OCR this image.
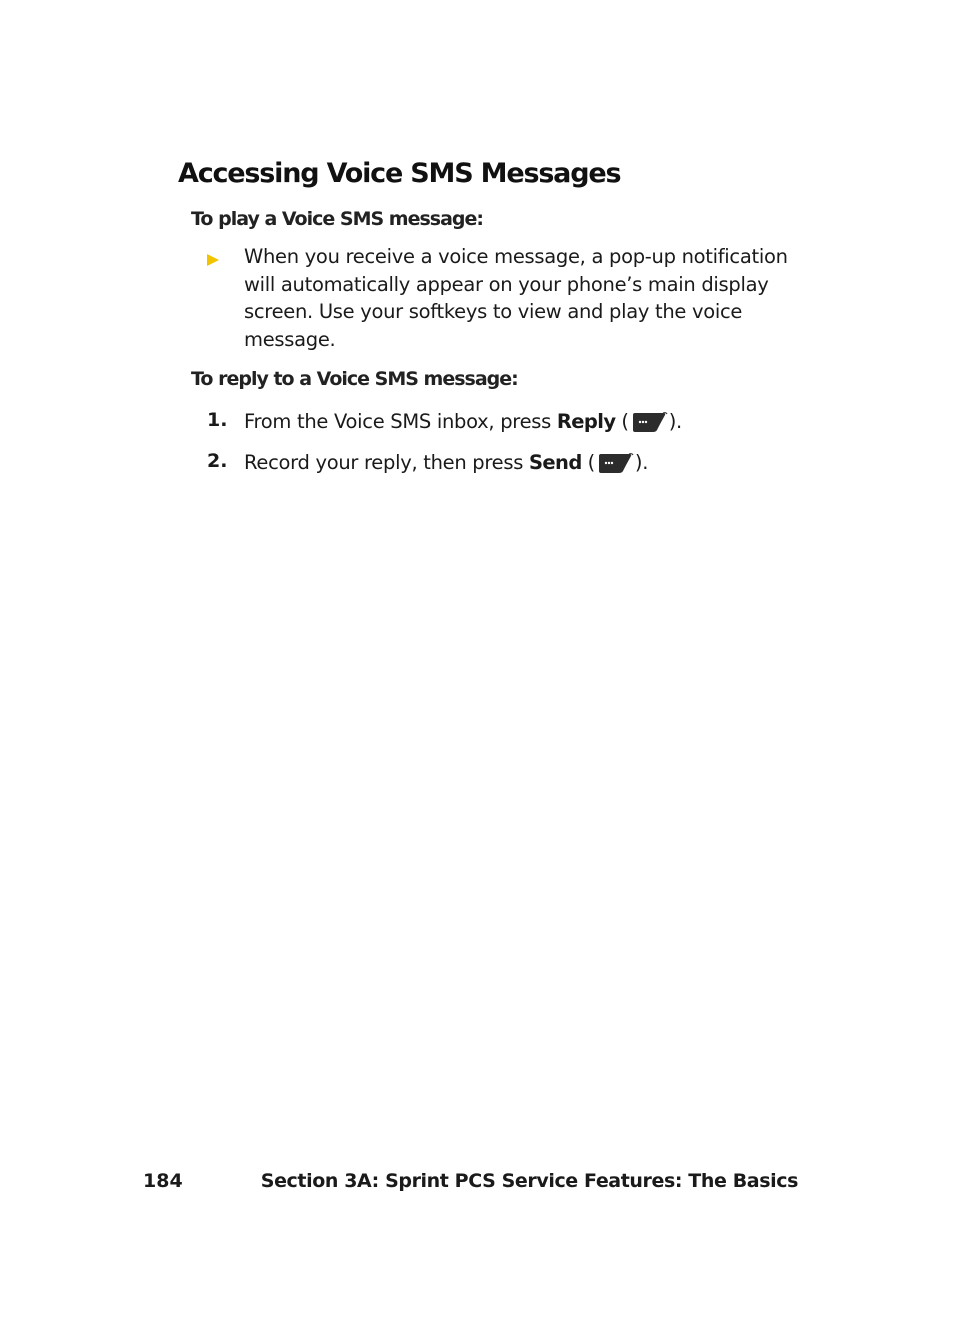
Accessing Voice SMS Messages

To play a Voice SMS message:

When you receive a voice message, a pop-up notification will automatically appear on your phone’s main display screen. Use your softkeys to view and play the voice message.

To reply to a Voice SMS message:

1. From the Voice SMS inbox, press Reply ( ).

2. Record your reply, then press Send ( ).

184	Section 3A: Sprint PCS Service Features: The Basics
